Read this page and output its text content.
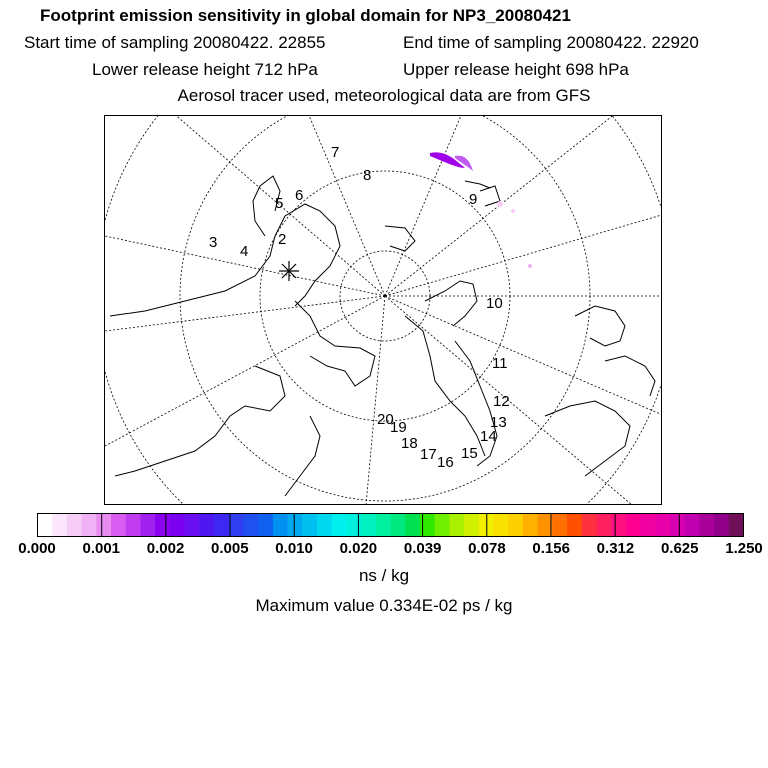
Footprint emission sensitivity in global domain for NP3_20080421
Start time of sampling 20080422. 22855	End time of sampling 20080422. 22920
Lower release height 712 hPa	Upper release height 698 hPa
Aerosol tracer used, meteorological data are from GFS
2
3
4
5 6
7
8
9
10
11
12
13
14
15
16
17
18
19
20
0.000 0.001 0.002 0.005 0.010 0.020 0.039 0.078 0.156 0.312 0.625 1.250
ns / kg
Maximum value 0.334E-02 ps / kg
